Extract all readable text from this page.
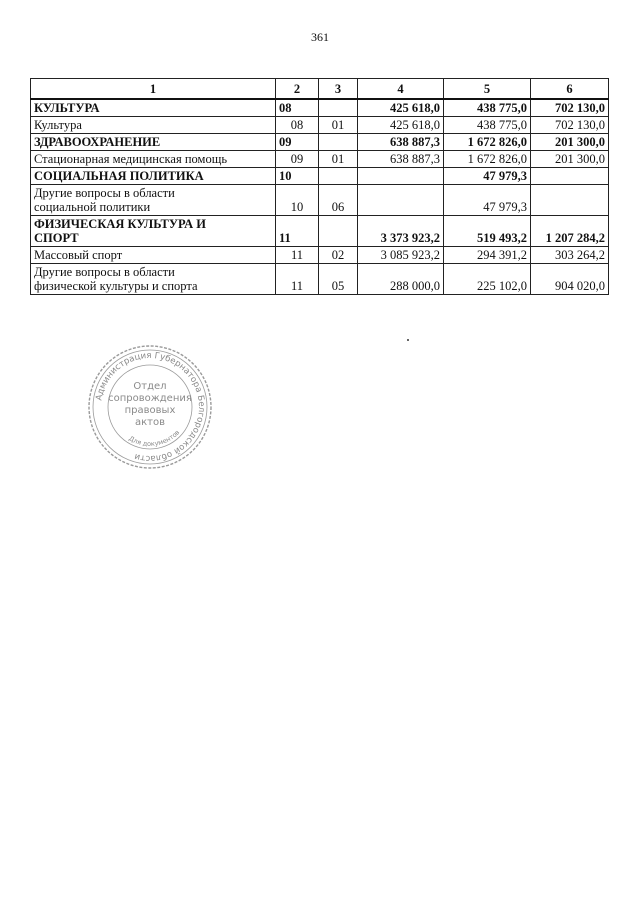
361
1	2	3	4	5	6
КУЛЬТУРА	08		425 618,0	438 775,0	702 130,0
Культура	08	01	425 618,0	438 775,0	702 130,0
ЗДРАВООХРАНЕНИЕ	09		638 887,3	1 672 826,0	201 300,0
Стационарная медицинская помощь	09	01	638 887,3	1 672 826,0	201 300,0
СОЦИАЛЬНАЯ ПОЛИТИКА	10			47 979,3	
Другие вопросы в области
социальной политики	10	06		47 979,3	
ФИЗИЧЕСКАЯ КУЛЬТУРА И
СПОРТ	11		3 373 923,2	519 493,2	1 207 284,2
Массовый спорт	11	02	3 085 923,2	294 391,2	303 264,2
Другие вопросы в области
физической культуры и спорта	11	05	288 000,0	225 102,0	904 020,0
Администрация Губернатора Белгородской области
Для документов
Отдел
сопровождения
правовых
актов
